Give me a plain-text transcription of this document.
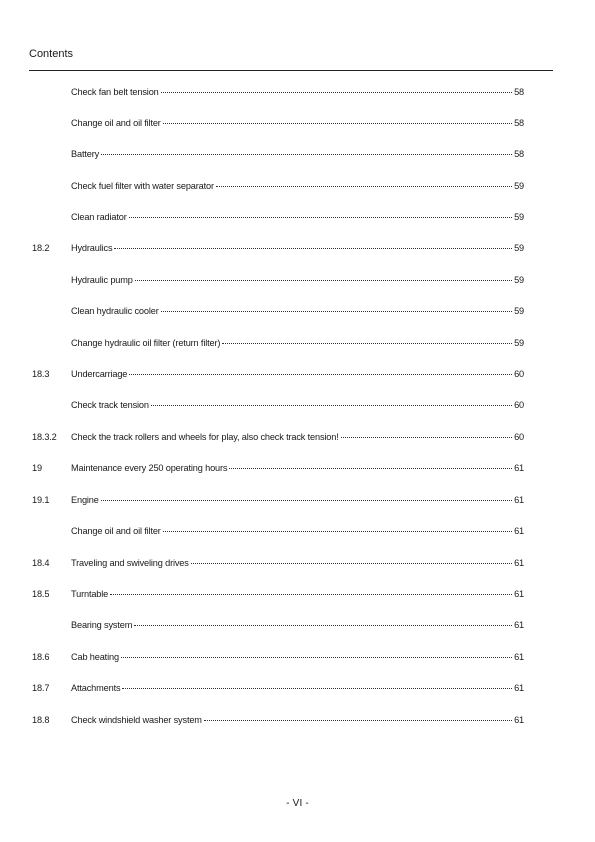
Contents
Check fan belt tension	58
Change oil and oil filter	58
Battery	58
Check fuel filter with water separator	59
Clean radiator	59
18.2 Hydraulics	59
Hydraulic pump	59
Clean hydraulic cooler	59
Change hydraulic oil filter (return filter)	59
18.3 Undercarriage	60
Check track tension	60
18.3.2 Check the track rollers and wheels for play, also check track tension!	60
19	Maintenance every 250 operating hours	61
19.1 Engine	61
Change oil and oil filter	61
18.4 Traveling and swiveling drives	61
18.5 Turntable	61
Bearing system	61
18.6 Cab heating	61
18.7 Attachments	61
18.8 Check windshield washer system	61
- VI -
